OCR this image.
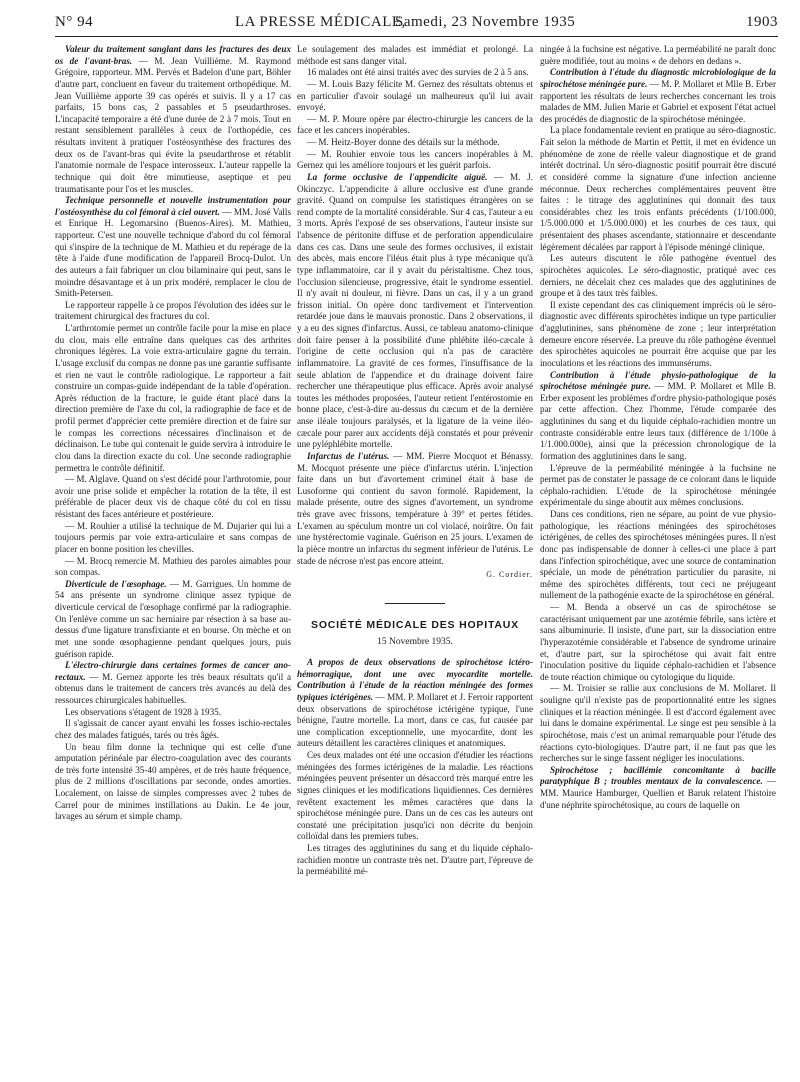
N° 94	LA PRESSE MÉDICALE,
Samedi, 23 Novembre 1935	1903

Valeur du traitement sanglant dans les fractures des deux os de l'avant-bras. — M. Jean Vuillième. M. Raymond Grégoire, rapporteur. MM. Pervès et Badelon d'une part, Böhler d'autre part, concluent en faveur du traitement orthopédique. M. Jean Vuillième apporte 39 cas opérés et suivis. Il y a 17 cas parfaits, 15 bons cas, 2 passables et 5 pseudarthroses. L'incapacité temporaire a été d'une durée de 2 à 7 mois. Tout en restant sensiblement parallèles à ceux de l'orthopédie, ces résultats invitent à pratiquer l'ostéosynthèse des fractures des deux os de l'avant-bras qui évite la pseudarthrose et rétablit l'anatomie normale de l'espace interosseux. L'auteur rappelle la technique qui doit être minutieuse, aseptique et peu traumatisante pour l'os et les muscles.

Technique personnelle et nouvelle instrumentation pour l'ostéosynthèse du col fémoral à ciel ouvert. — MM. José Valls et Enrique H. Legomarsino (Buenos-Aires). M. Mathieu, rapporteur. C'est une nouvelle technique d'abord du col fémoral qui s'inspire de la technique de M. Mathieu et du repérage de la tête à l'aide d'une modification de l'appareil Brocq-Dulot. Un des auteurs a fait fabriquer un clou bilaminaire qui peut, sans le moindre désavantage et à un prix modéré, remplacer le clou de Smith-Petersen.

Le rapporteur rappelle à ce propos l'évolution des idées sur le traitement chirurgical des fractures du col.

L'arthrotomie permet un contrôle facile pour la mise en place du clou, mais elle entraîne dans quelques cas des arthrites chroniques légères. La voie extra-articulaire gagne du terrain. L'usage exclusif du compas ne donne pas une garantie suffisante et rien ne vaut le contrôle radiologique. Le rapporteur a fait construire un compas-guide indépendant de la table d'opération. Après réduction de la fracture, le guide étant placé dans la direction première de l'axe du col, la radiographie de face et de profil permet d'apprécier cette première direction et de faire sur le compas les corrections nécessaires d'inclinaison et de déclinaison. Le tube qui contenait le guide servira à introduire le clou dans la direction exacte du col. Une seconde radiographie permettra le contrôle définitif.

— M. Alglave. Quand on s'est décidé pour l'arthrotomie, pour avoir une prise solide et empêcher la rotation de la tête, il est préférable de placer deux vis de chaque côté du col en tissu résistant des faces antérieure et postérieure.

— M. Rouhier a utilisé la technique de M. Dujarier qui lui a toujours permis par voie extra-articulaire et sans compas de placer en bonne position les chevilles.

— M. Brocq remercie M. Mathieu des paroles aimables pour son compas.

Diverticule de l'œsophage. — M. Garrigues. Un homme de 54 ans présente un syndrome clinique assez typique de diverticule cervical de l'œsophage confirmé par la radiographie. On l'enlève comme un sac herniaire par résection à sa base au-dessus d'une ligature transfixiante et en bourse. On mèche et on met une sonde œsophagienne pendant quelques jours, puis guérison rapide.

L'électro-chirurgie dans certaines formes de cancer ano-rectaux. — M. Gernez apporte les très beaux résultats qu'il a obtenus dans le traitement de cancers très avancés au delà des ressources chirurgicales habituelles.

Les observations s'étagent de 1928 à 1935.

Il s'agissait de cancer ayant envahi les fosses ischio-rectales chez des malades fatigués, tarés ou très âgés.

Un beau film donne la technique qui est celle d'une amputation périnéale par électro-coagulation avec des courants de très forte intensité 35-40 ampères, et de très haute fréquence, plus de 2 millions d'oscillations par seconde, ondes amorties. Localement, on laisse de simples compresses avec 2 tubes de Carrel pour de minimes instillations au Dakin. Le 4e jour, lavages au sérum et simple champ.

Le soulagement des malades est immédiat et prolongé. La méthode est sans danger vital.

16 malades ont été ainsi traités avec des survies de 2 à 5 ans.

— M. Louis Bazy félicite M. Gernez des résultats obtenus et en particulier d'avoir soulagé un malheureux qu'il lui avait envoyé.

— M. P. Moure opère par électro-chirurgie les cancers de la face et les cancers inopérables.

— M. Heitz-Boyer donne des détails sur la méthode.

— M. Rouhier envoie tous les cancers inopérables à M. Gernez qui les améliore toujours et les guérit parfois.

La forme occlusive de l'appendicite aiguë. — M. J. Okinczyc. L'appendicite à allure occlusive est d'une grande gravité. Quand on compulse les statistiques étrangères on se rend compte de la mortalité considérable. Sur 4 cas, l'auteur a eu 3 morts. Après l'exposé de ses observations, l'auteur insiste sur l'absence de péritonite diffuse et de perforation appendiculaire dans ces cas. Dans une seule des formes occlusives, il existait des abcès, mais encore l'iléus était plus à type mécanique qu'à type inflammatoire, car il y avait du péristaltisme. Chez tous, l'occlusion silencieuse, progressive, était le syndrome essentiel. Il n'y avait ni douleur, ni fièvre. Dans un cas, il y a un grand frisson initial. On opère donc tardivement et l'intervention retardée joue dans le mauvais pronostic. Dans 2 observations, il y a eu des signes d'infarctus. Aussi, ce tableau anatomo-clinique doit faire penser à la possibilité d'une phlébite iléo-cæcale à l'origine de cette occlusion qui n'a pas de caractère inflammatoire. La gravité de ces formes, l'insuffisance de la seule ablation de l'appendice et du drainage doivent faire rechercher une thérapeutique plus efficace. Après avoir analysé toutes les méthodes proposées, l'auteur retient l'entérostomie en bonne place, c'est-à-dire au-dessus du cæcum et de la dernière anse iléale toujours paralysés, et la ligature de la veine iléo-cæcale pour parer aux accidents déjà constatés et pour prévenir une pyléphlébite mortelle.

Infarctus de l'utérus. — MM. Pierre Mocquot et Bénassy. M. Mocquot présente une pièce d'infarctus utérin. L'injection faite dans un but d'avortement criminel était à base de Lusoforme qui contient du savon formolé. Rapidement, la malade présente, outre des signes d'avortement, un syndrome très grave avec frissons, température à 39° et pertes fétides. L'examen au spéculum montre un col violacé, noirâtre. On fait une hystérectomie vaginale. Guérison en 25 jours. L'examen de la pièce montre un infarctus du segment inférieur de l'utérus. Le stade de nécrose n'est pas encore atteint.

G. Cordier.

SOCIÉTÉ MÉDICALE DES HOPITAUX

15 Novembre 1935.

A propos de deux observations de spirochétose ictéro-hémorragique, dont une avec myocardite mortelle. Contribution à l'étude de la réaction méningée des formes typiques ictérigènes. — MM. P. Mollaret et J. Ferroir rapportent deux observations de spirochétose ictérigène typique, l'une bénigne, l'autre mortelle. La mort, dans ce cas, fut causée par une complication exceptionnelle, une myocardite, dont les auteurs détaillent les caractères cliniques et anatomiques.

Ces deux malades ont été une occasion d'étudier les réactions méningées des formes ictérigènes de la maladie. Les réactions méningées peuvent présenter un désaccord très marqué entre les signes cliniques et les modifications liquidiennes. Ces dernières revêtent exactement les mêmes caractères que dans la spirochétose méningée pure. Dans un de ces cas les auteurs ont constaté une précipitation jusqu'ici non décrite du benjoin colloïdal dans les premiers tubes.

Les titrages des agglutinines du sang et du liquide céphalo-rachidien montre un contraste très net. D'autre part, l'épreuve de la perméabilité mé-

ningée à la fuchsine est négative. La perméabilité ne paraît donc guère modifiée, tout au moins « de dehors en dedans ».

Contribution à l'étude du diagnostic microbiologique de la spirochétose méningée pure. — M. P. Mollaret et Mlle B. Erber rapportent les résultats de leurs recherches concernant les trois malades de MM. Julien Marie et Gabriel et exposent l'état actuel des procédés de diagnostic de la spirochétose méningée.

La place fondamentale revient en pratique au séro-diagnostic. Fait selon la méthode de Martin et Pettit, il met en évidence un phénomène de zone de réelle valeur diagnostique et de grand intérêt doctrinal. Un séro-diagnostic positif pourrait être discuté et considéré comme la signature d'une infection ancienne méconnue. Deux recherches complémentaires peuvent être faites : le titrage des agglutinines qui donnait des taux considérables chez les trois enfants précédents (1/100.000, 1/5.000.000 et 1/5.000.000) et les courbes de ces taux, qui présentaient des phases ascendante, stationnaire et descendante légèrement décalées par rapport à l'épisode méningé clinique.

Les auteurs discutent le rôle pathogène éventuel des spirochètes aquicoles. Le séro-diagnostic, pratiqué avec ces derniers, ne décelait chez ces malades que des agglutinines de groupe et à des taux très faibles.

Il existe cependant des cas cliniquement imprécis où le séro-diagnostic avec différents spirochètes indique un type particulier d'agglutinines, sans phénomène de zone ; leur interprétation demeure encore réservée. La preuve du rôle pathogène éventuel des spirochètes aquicoles ne pourrait être acquise que par les inoculations et les réactions des immunsérums.

Contribution à l'étude physio-pathologique de la spirochétose méningée pure. — MM. P. Mollaret et Mlle B. Erber exposent les problèmes d'ordre physio-pathologique posés par cette affection. Chez l'homme, l'étude comparée des agglutinines du sang et du liquide céphalo-rachidien montre un contraste considérable entre leurs taux (différence de 1/100e à 1/1.000.000e), ainsi que la précession chronologique de la formation des agglutinines dans le sang.

L'épreuve de la perméabilité méningée à la fuchsine ne permet pas de constater le passage de ce colorant dans le liquide céphalo-rachidien. L'étude de la spirochétose méningée expérimentale du singe aboutit aux mêmes conclusions.

Dans ces conditions, rien ne sépare, au point de vue physio-pathologique, les réactions méningées des spirochétoses ictérigènes, de celles des spirochétoses méningées pures. Il n'est donc pas indispensable de donner à celles-ci une place à part dans l'infection spirochétique, avec une source de contamination spéciale, un mode de pénétration particulier du parasite, ni même des spirochètes différents, tout ceci ne préjugeant nullement de la pathogénie exacte de la spirochétose en général.

— M. Benda a observé un cas de spirochétose se caractérisant uniquement par une azotémie fébrile, sans ictère et sans albuminurie. Il insiste, d'une part, sur la dissociation entre l'hyperazotémie considérable et l'absence de syndrome urinaire et, d'autre part, sur la spirochétose qui avait fait entre l'inoculation positive du liquide céphalo-rachidien et l'absence de toute réaction chimique ou cytologique du liquide.

— M. Troisier se rallie aux conclusions de M. Mollaret. Il souligne qu'il n'existe pas de proportionnalité entre les signes cliniques et la réaction méningée. Il est d'accord également avec lui dans le domaine expérimental. Le singe est peu sensible à la spirochétose, mais c'est un animal remarquable pour l'étude des réactions cyto-biologiques. D'autre part, il ne faut pas que les recherches sur le singe fassent négliger les inoculations.

Spirochétose ; bacillémie concomitante à bacille paratyphique B ; troubles mentaux de la convalescence. — MM. Maurice Hamburger, Quellien et Baruk relatent l'histoire d'une néphrite spirochétosique, au cours de laquelle on
